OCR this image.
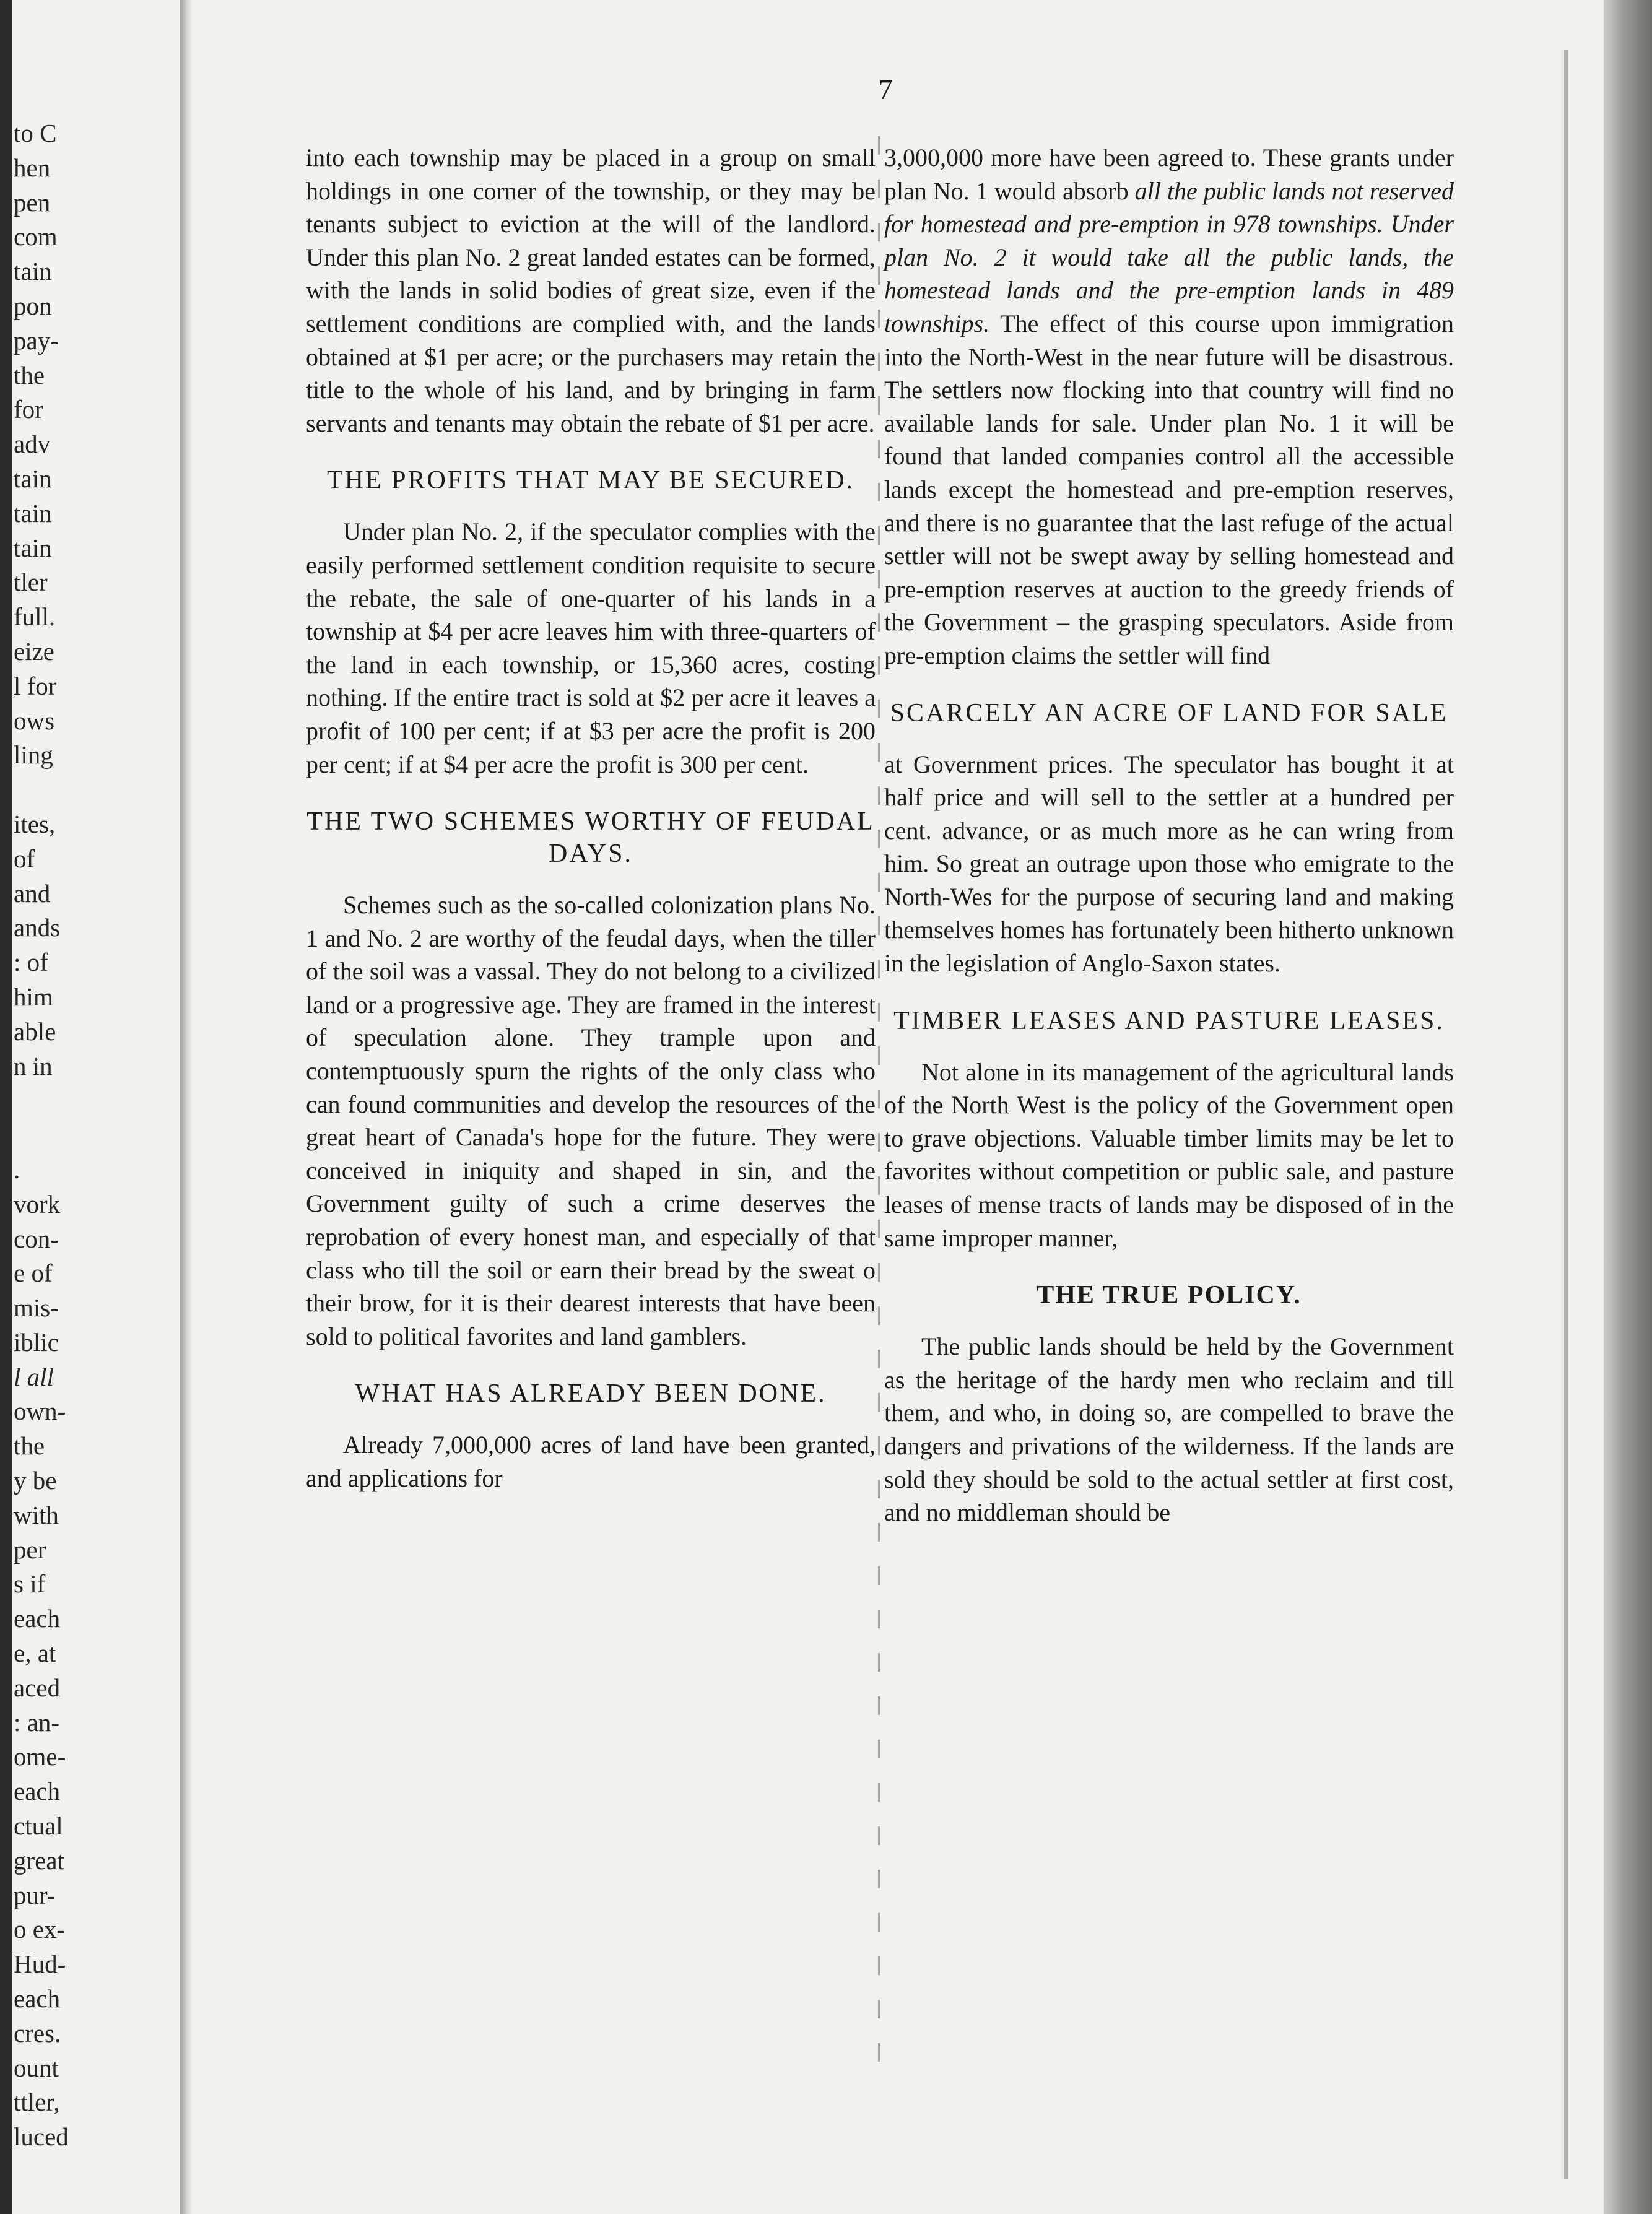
to C
hen
pen
com
tain
pon
pay-
the
for
adv
tain
tain
tain
tler
full.
eize
l for
ows
ling
ites,
of
and
ands
: of
him
able
n in
.
vork
con-
e of
mis-
iblic
l all
own-
the
y be
with
per
s if
each
e, at
aced
: an-
ome-
each
ctual
great
pur-
o ex-
Hud-
each
cres.
ount
ttler,
luced
7

into each township may be placed in a group on small holdings in one corner of the township, or they may be tenants subject to eviction at the will of the landlord. Under this plan No. 2 great landed estates can be formed, with the lands in solid bodies of great size, even if the settlement conditions are complied with, and the lands obtained at $1 per acre; or the purchasers may retain the title to the whole of his land, and by bringing in farm servants and tenants may obtain the rebate of $1 per acre.

THE PROFITS THAT MAY BE SECURED.

Under plan No. 2, if the speculator complies with the easily performed settlement condition requisite to secure the rebate, the sale of one-quarter of his lands in a township at $4 per acre leaves him with three-quarters of the land in each township, or 15,360 acres, costing nothing. If the entire tract is sold at $2 per acre it leaves a profit of 100 per cent; if at $3 per acre the profit is 200 per cent; if at $4 per acre the profit is 300 per cent.

THE TWO SCHEMES WORTHY OF FEUDAL DAYS.

Schemes such as the so-called colonization plans No. 1 and No. 2 are worthy of the feudal days, when the tiller of the soil was a vassal. They do not belong to a civilized land or a progressive age. They are framed in the interest of speculation alone. They trample upon and contemptuously spurn the rights of the only class who can found communities and develop the resources of the great heart of Canada's hope for the future. They were conceived in iniquity and shaped in sin, and the Government guilty of such a crime deserves the reprobation of every honest man, and especially of that class who till the soil or earn their bread by the sweat o their brow, for it is their dearest interests that have been sold to political favorites and land gamblers.

WHAT HAS ALREADY BEEN DONE.

Already 7,000,000 acres of land have been granted, and applications for

3,000,000 more have been agreed to. These grants under plan No. 1 would absorb all the public lands not reserved for homestead and pre-emption in 978 townships. Under plan No. 2 it would take all the public lands, the homestead lands and the pre-emption lands in 489 townships. The effect of this course upon immigration into the North-West in the near future will be disastrous. The settlers now flocking into that country will find no available lands for sale. Under plan No. 1 it will be found that landed companies control all the accessible lands except the homestead and pre-emption reserves, and there is no guarantee that the last refuge of the actual settler will not be swept away by selling homestead and pre-emption reserves at auction to the greedy friends of the Government – the grasping speculators. Aside from pre-emption claims the settler will find

SCARCELY AN ACRE OF LAND FOR SALE

at Government prices. The speculator has bought it at half price and will sell to the settler at a hundred per cent. advance, or as much more as he can wring from him. So great an outrage upon those who emigrate to the North-Wes for the purpose of securing land and making themselves homes has fortunately been hitherto unknown in the legislation of Anglo-Saxon states.

TIMBER LEASES AND PASTURE LEASES.

Not alone in its management of the agricultural lands of the North West is the policy of the Government open to grave objections. Valuable timber limits may be let to favorites without competition or public sale, and pasture leases of mense tracts of lands may be disposed of in the same improper manner,

THE TRUE POLICY.

The public lands should be held by the Government as the heritage of the hardy men who reclaim and till them, and who, in doing so, are compelled to brave the dangers and privations of the wilderness. If the lands are sold they should be sold to the actual settler at first cost, and no middleman should be
